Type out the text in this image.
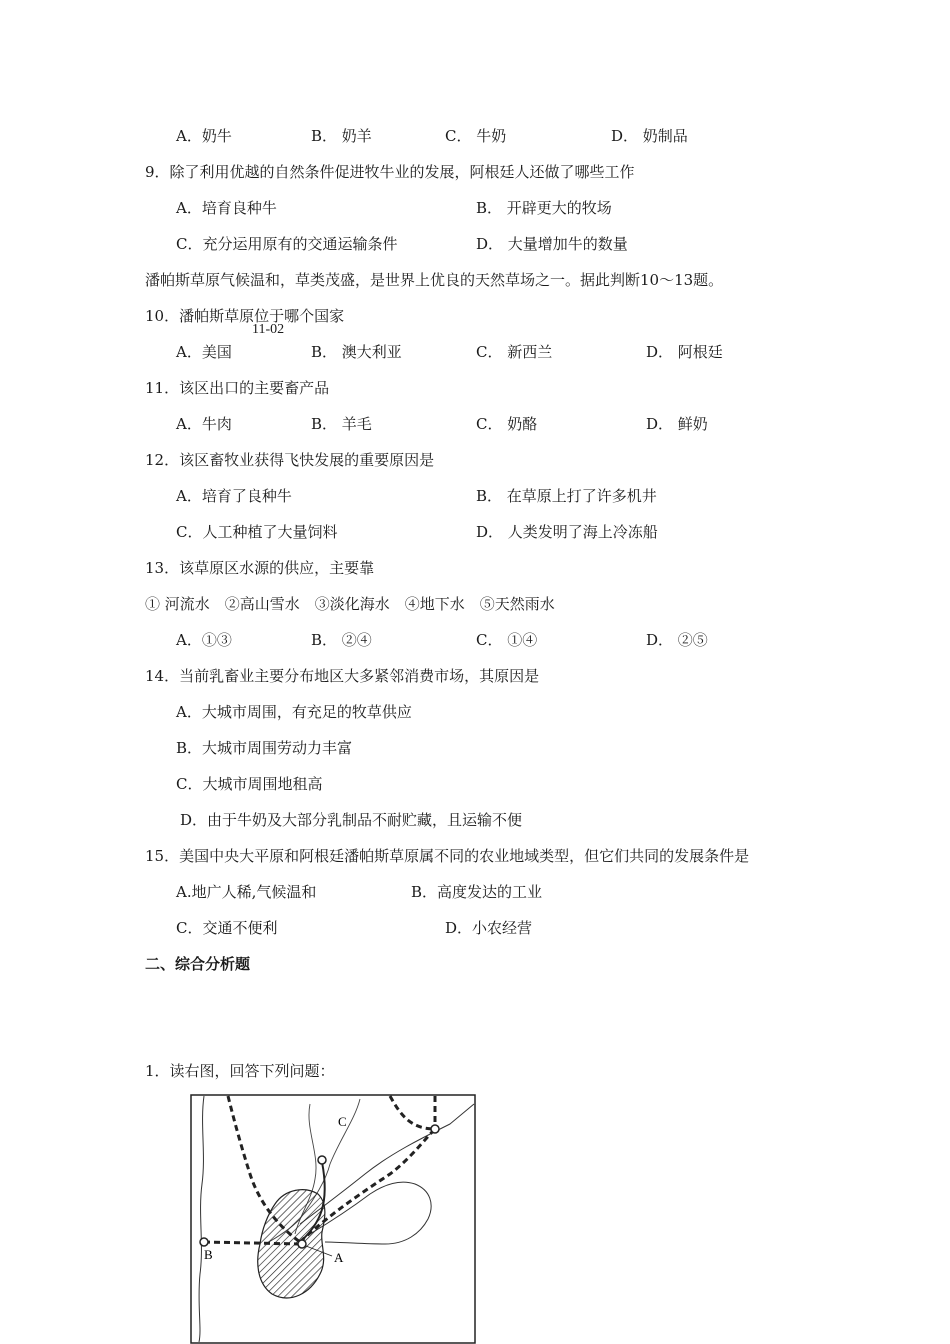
A．奶牛	B． 奶羊	C． 牛奶	D． 奶制品
9．除了利用优越的自然条件促进牧牛业的发展，阿根廷人还做了哪些工作
A．培育良种牛	B． 开辟更大的牧场
C．充分运用原有的交通运输条件	D． 大量增加牛的数量
潘帕斯草原气候温和，草类茂盛，是世界上优良的天然草场之一。据此判断10～13题。
10．潘帕斯草原位于哪个国家
11-02
A．美国	B． 澳大利亚	C． 新西兰	D． 阿根廷
11．该区出口的主要畜产品
A．牛肉	B． 羊毛	C． 奶酪	D． 鲜奶
12．该区畜牧业获得飞快发展的重要原因是
A．培育了良种牛	B． 在草原上打了许多机井
C．人工种植了大量饲料	D． 人类发明了海上冷冻船
13．该草原区水源的供应，主要靠
① 河流水　②高山雪水　③淡化海水　④地下水　⑤天然雨水
A．①③	B． ②④	C． ①④	D． ②⑤
14．当前乳畜业主要分布地区大多紧邻消费市场，其原因是
A．大城市周围，有充足的牧草供应
B．大城市周围劳动力丰富
C．大城市周围地租高
D．由于牛奶及大部分乳制品不耐贮藏，且运输不便
15．美国中央大平原和阿根廷潘帕斯草原属不同的农业地域类型，但它们共同的发展条件是
A.地广人稀,气候温和	B．高度发达的工业
C．交通不便利	D．小农经营
二、综合分析题
1．读右图，回答下列问题：
A
B
C
